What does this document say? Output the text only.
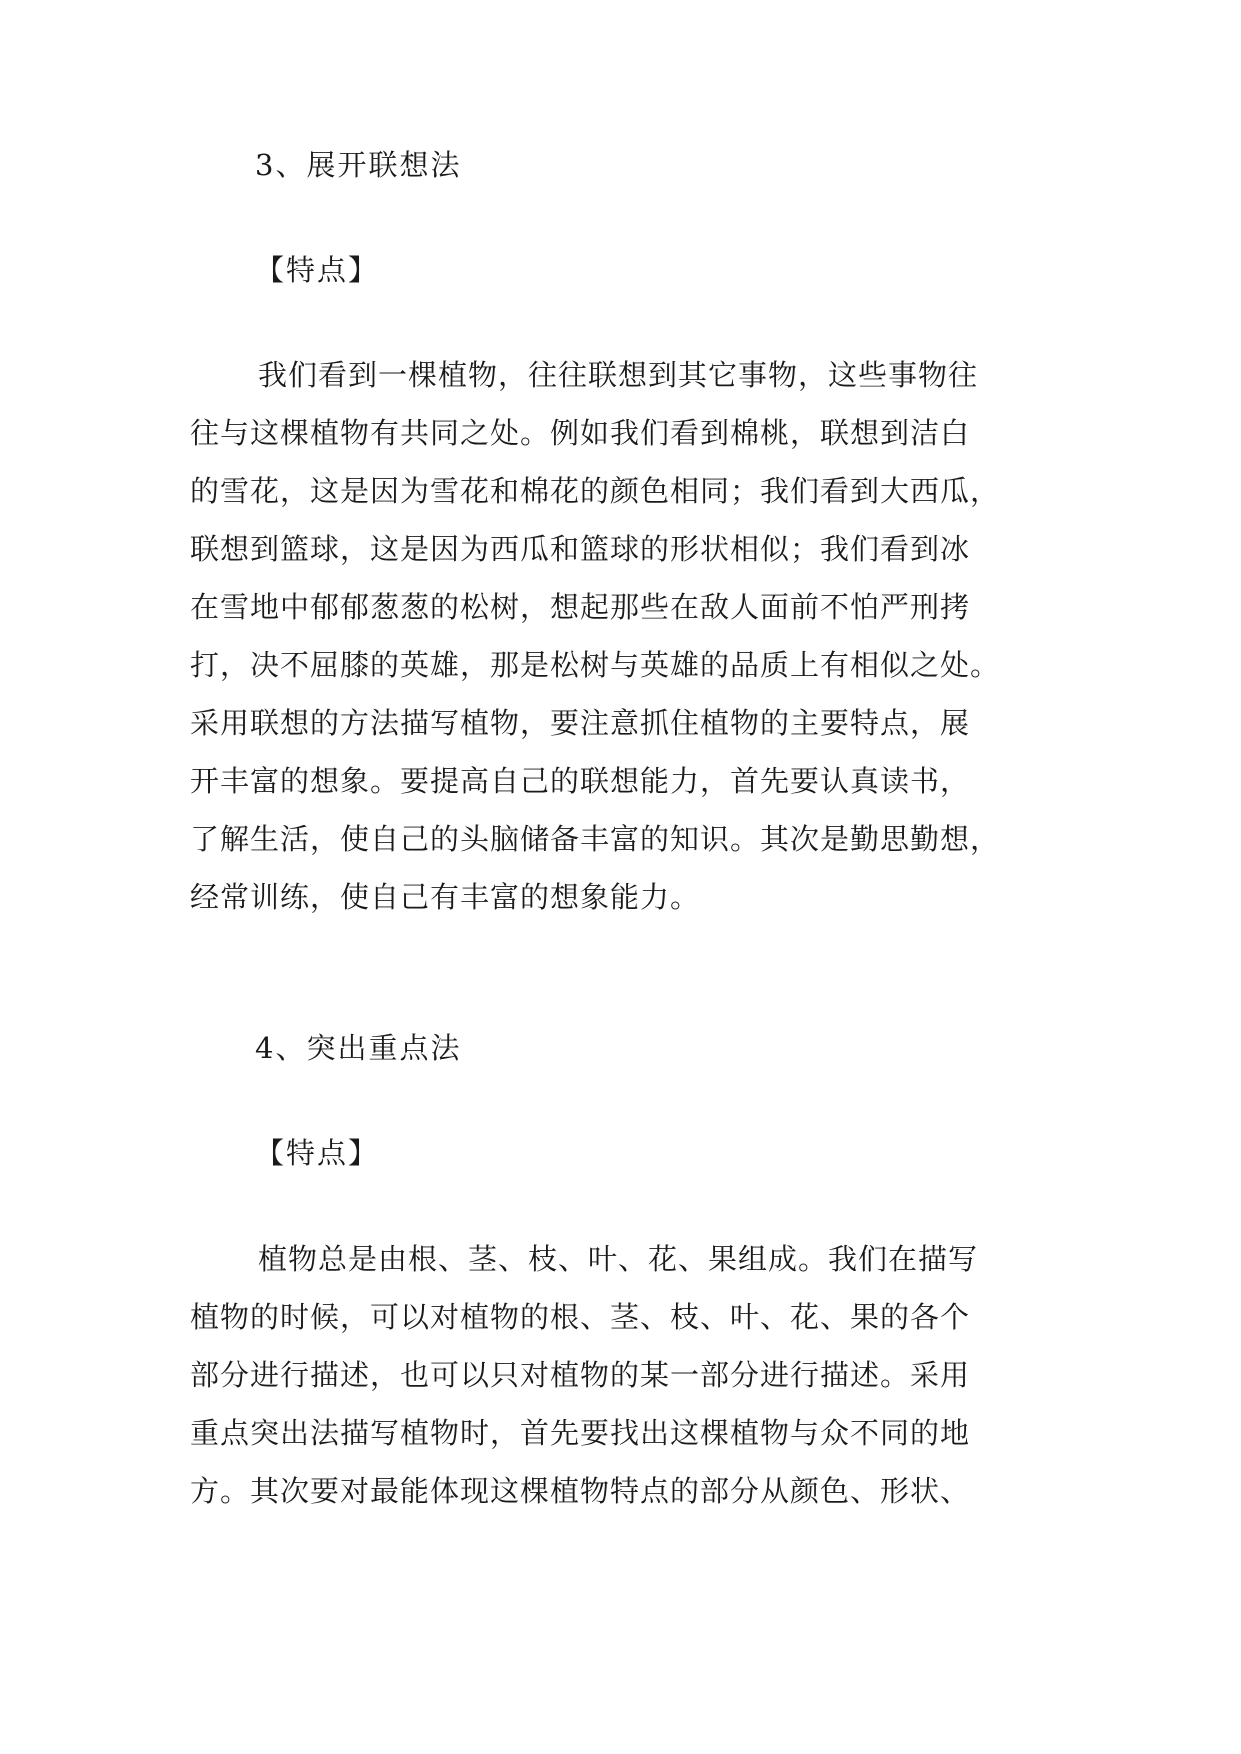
3、展开联想法

【特点】

我们看到一棵植物，往往联想到其它事物，这些事物往
往与这棵植物有共同之处。例如我们看到棉桃，联想到洁白
的雪花，这是因为雪花和棉花的颜色相同；我们看到大西瓜，
联想到篮球，这是因为西瓜和篮球的形状相似；我们看到冰
在雪地中郁郁葱葱的松树，想起那些在敌人面前不怕严刑拷
打，决不屈膝的英雄，那是松树与英雄的品质上有相似之处。
采用联想的方法描写植物，要注意抓住植物的主要特点，展
开丰富的想象。要提高自己的联想能力，首先要认真读书，
了解生活，使自己的头脑储备丰富的知识。其次是勤思勤想，
经常训练，使自己有丰富的想象能力。

4、突出重点法

【特点】

植物总是由根、茎、枝、叶、花、果组成。我们在描写
植物的时候，可以对植物的根、茎、枝、叶、花、果的各个
部分进行描述，也可以只对植物的某一部分进行描述。采用
重点突出法描写植物时，首先要找出这棵植物与众不同的地
方。其次要对最能体现这棵植物特点的部分从颜色、形状、
